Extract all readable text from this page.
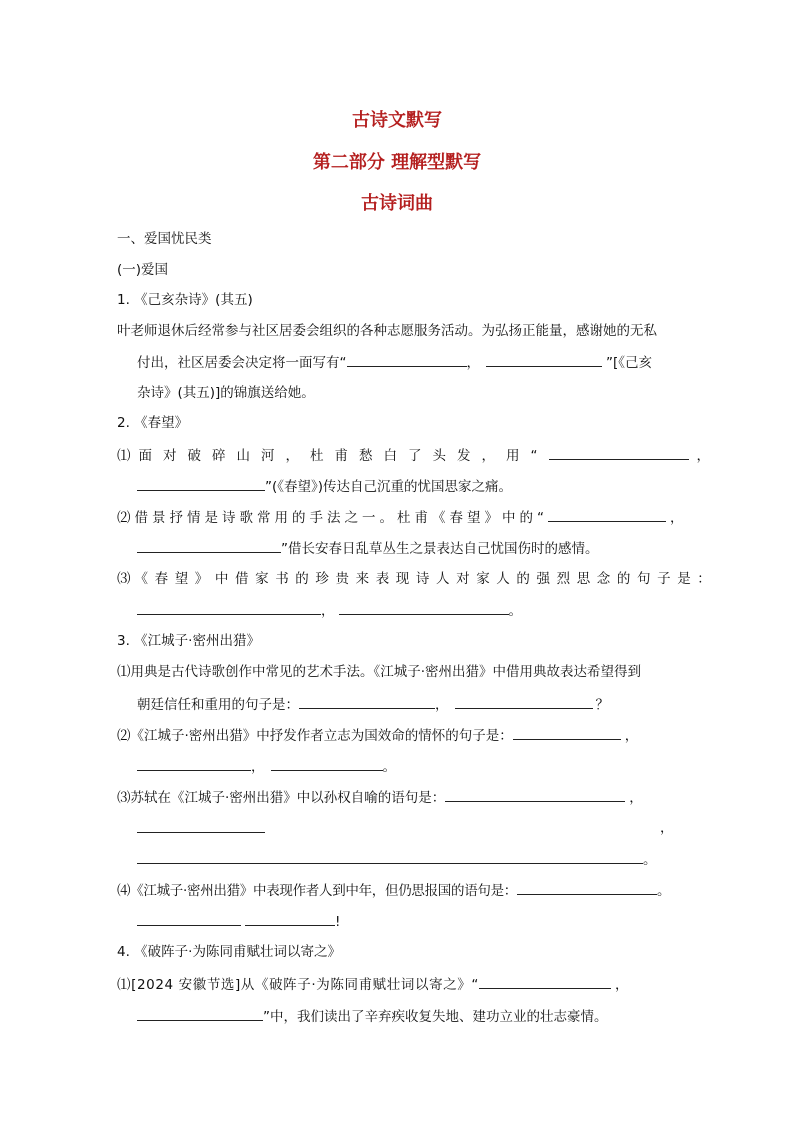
古诗文默写
第二部分 理解型默写
古诗词曲
一、爱国忧民类
(一)爱国
1. 《己亥杂诗》(其五)
叶老师退休后经常参与社区居委会组织的各种志愿服务活动。为弘扬正能量，感谢她的无私
付出，社区居委会决定将一面写有“	，	”[《己亥
杂诗》(其五)]的锦旗送给她。
2. 《春望》
⑴ 面对破碎山河，杜甫愁白了头发，用“	，
”(《春望》)传达自己沉重的忧国思家之痛。
⑵ 借景抒情是诗歌常用的手法之一。杜甫《春望》中的“	，
”借长安春日乱草丛生之景表达自己忧国伤时的感情。
⑶ 《春望》中借家书的珍贵来表现诗人对家人的强烈思念的句子是：
，	。
3. 《江城子·密州出猎》
⑴用典是古代诗歌创作中常见的艺术手法。《江城子·密州出猎》中借用典故表达希望得到
朝廷信任和重用的句子是：	，	？
⑵《江城子·密州出猎》中抒发作者立志为国效命的情怀的句子是：	，
，	。
⑶苏轼在《江城子·密州出猎》中以孙权自喻的语句是：	，
，
。
⑷《江城子·密州出猎》中表现作者人到中年，但仍思报国的语句是：	。
!
4. 《破阵子·为陈同甫赋壮词以寄之》
⑴[2024 安徽节选]从《破阵子·为陈同甫赋壮词以寄之》“	，
”中，我们读出了辛弃疾收复失地、建功立业的壮志豪情。
